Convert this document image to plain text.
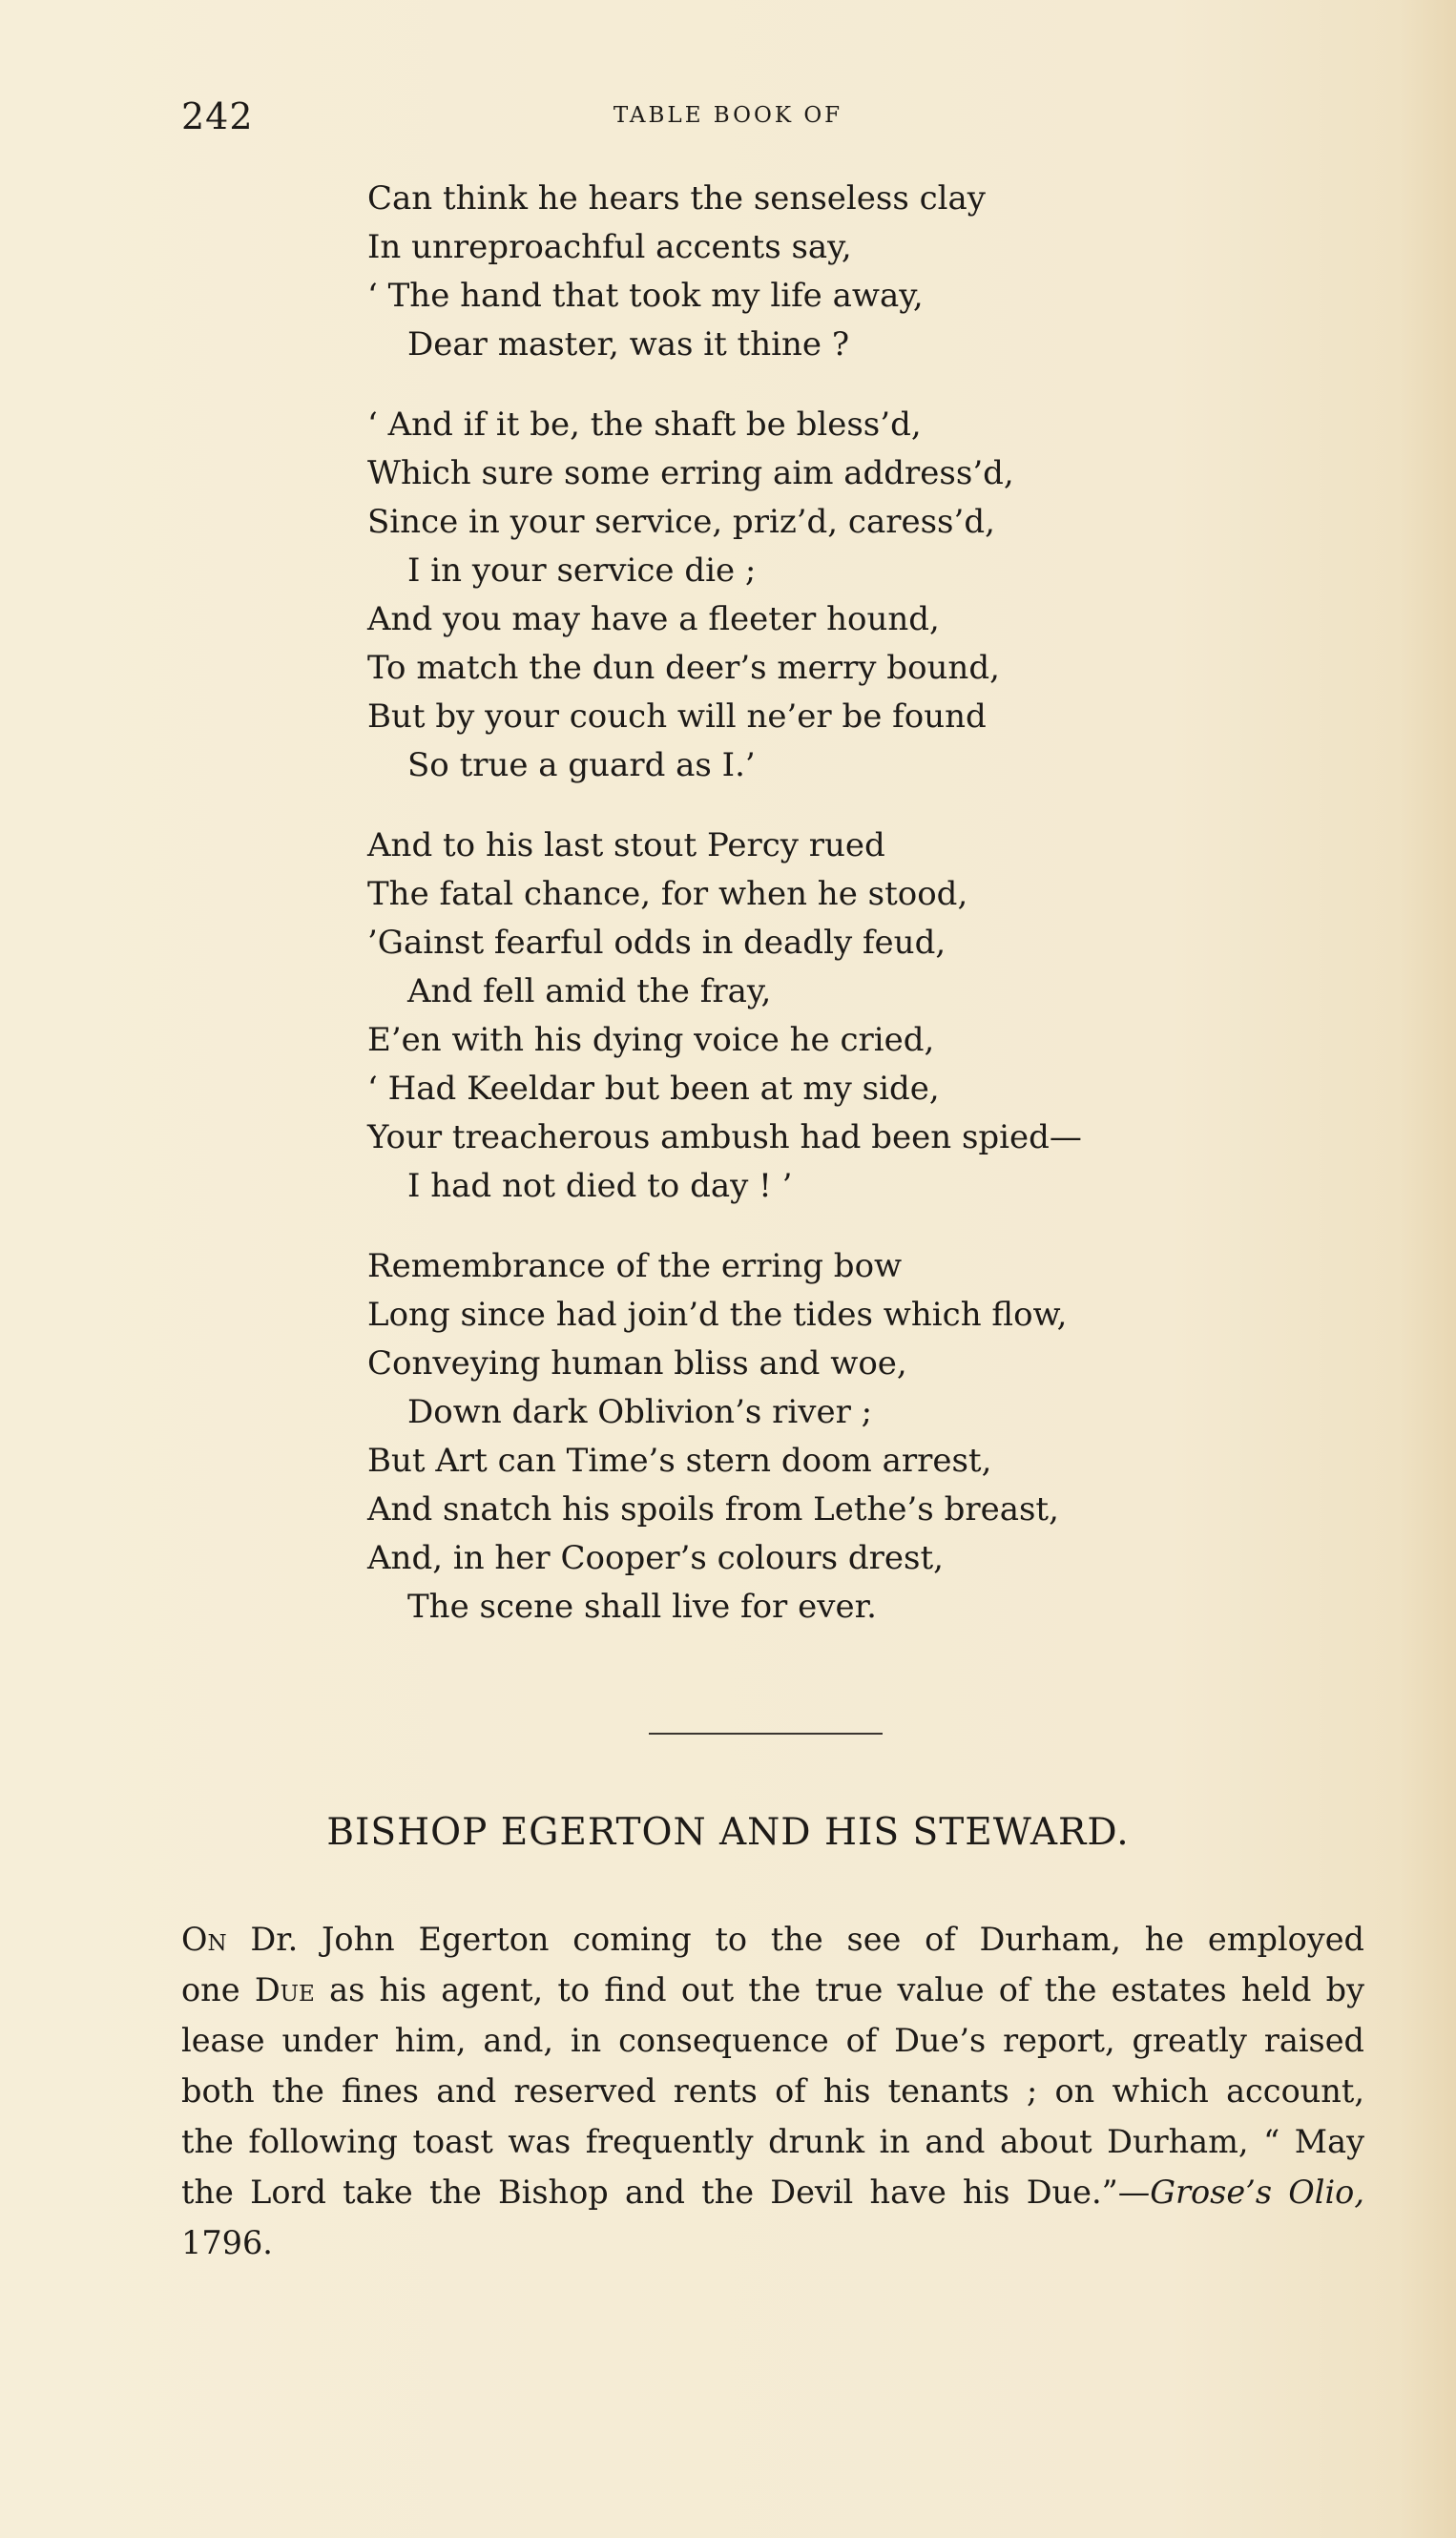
242	TABLE BOOK OF
Can think he hears the senseless clay
In unreproachful accents say,
‘ The hand that took my life away,
Dear master, was it thine ?
‘ And if it be, the shaft be bless’d,
Which sure some erring aim address’d,
Since in your service, priz’d, caress’d,
I in your service die ;
And you may have a fleeter hound,
To match the dun deer’s merry bound,
But by your couch will ne’er be found
So true a guard as I.’
And to his last stout Percy rued
The fatal chance, for when he stood,
’Gainst fearful odds in deadly feud,
And fell amid the fray,
E’en with his dying voice he cried,
‘ Had Keeldar but been at my side,
Your treacherous ambush had been spied—
I had not died to day ! ’
Remembrance of the erring bow
Long since had join’d the tides which flow,
Conveying human bliss and woe,
Down dark Oblivion’s river ;
But Art can Time’s stern doom arrest,
And snatch his spoils from Lethe’s breast,
And, in her Cooper’s colours drest,
The scene shall live for ever.
BISHOP EGERTON AND HIS STEWARD.
On Dr. John Egerton coming to the see of Durham, he employed
one Due as his agent, to find out the true value of the estates held by
lease under him, and, in consequence of Due’s report, greatly raised
both the fines and reserved rents of his tenants ; on which account,
the following toast was frequently drunk in and about Durham, “ May
the Lord take the Bishop and the Devil have his Due.”—Grose’s Olio,
1796.
